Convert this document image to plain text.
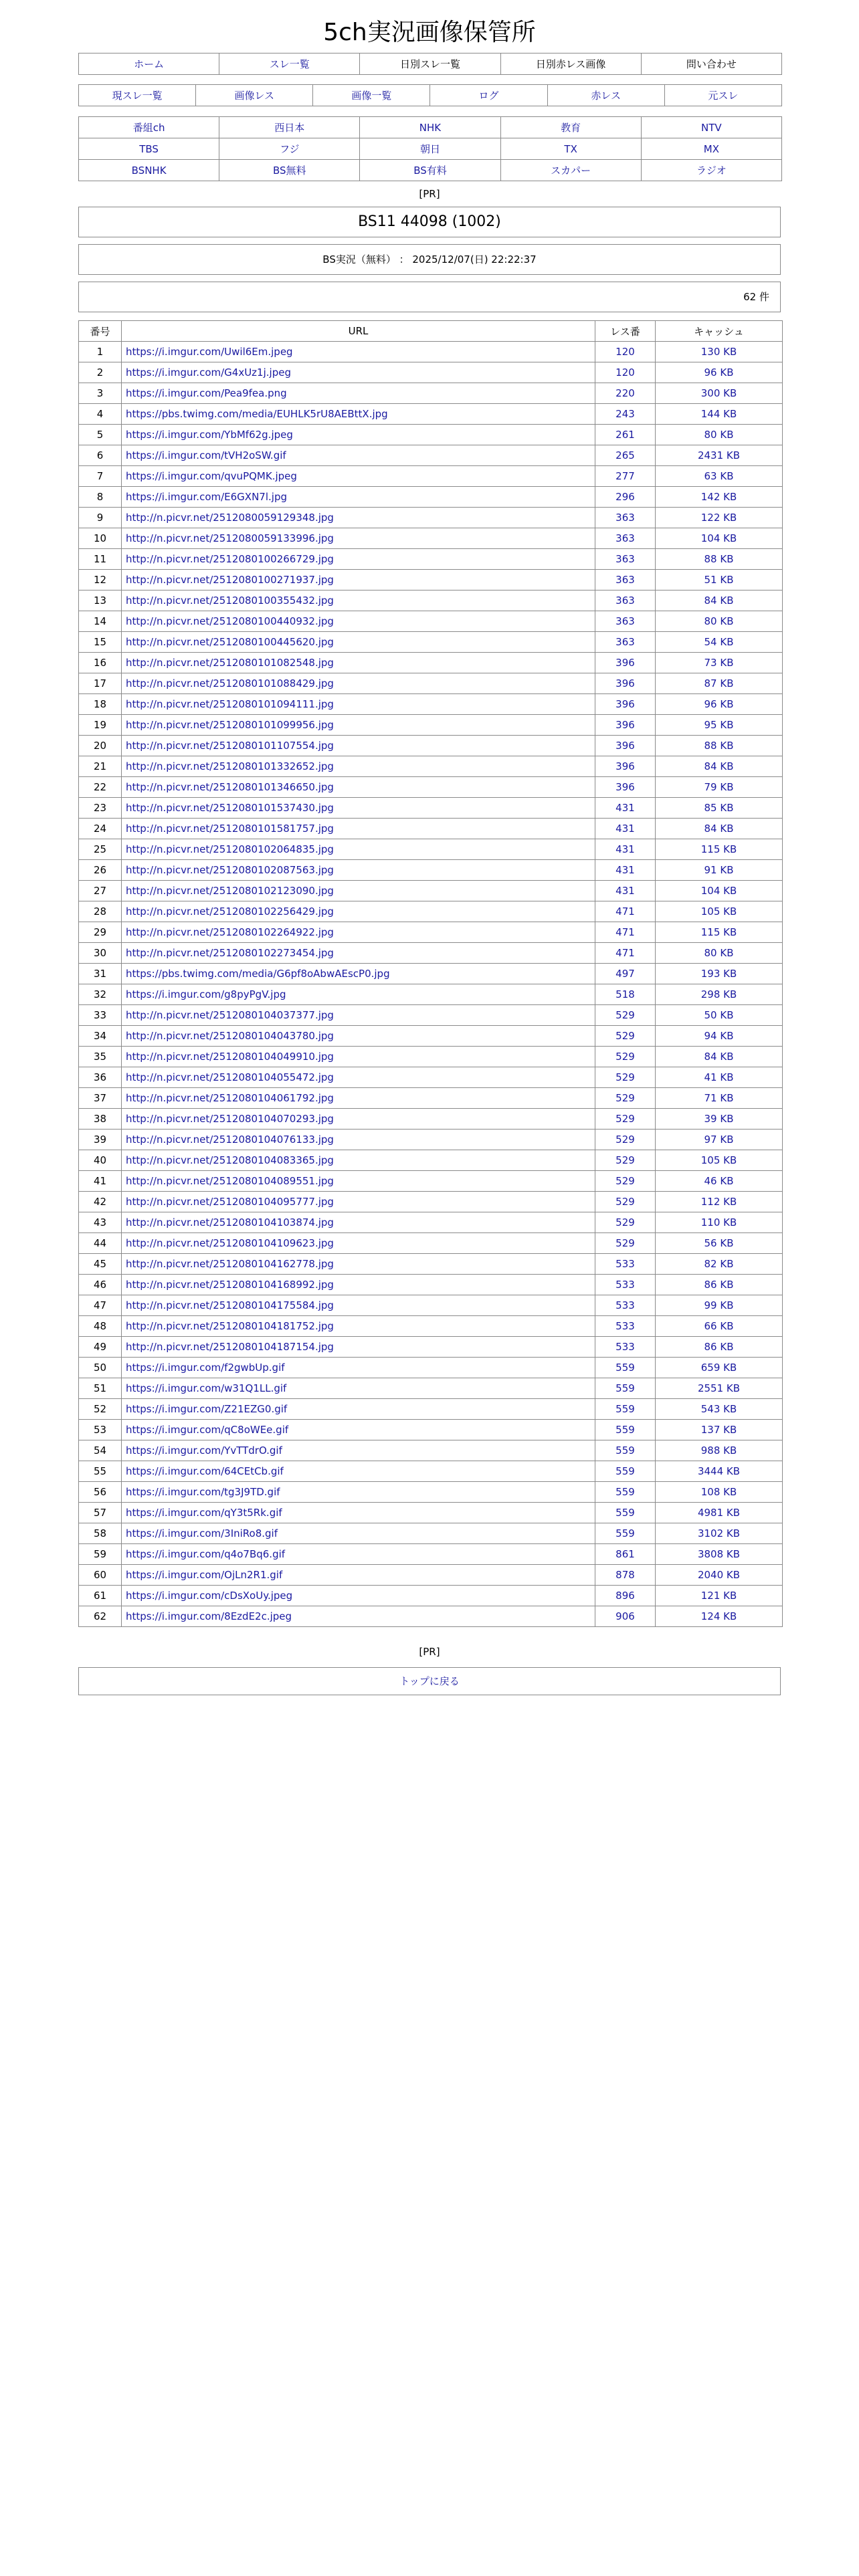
5ch実況画像保管所
ホーム	スレ一覧	日別スレ一覧	日別赤レス画像	問い合わせ
現スレ一覧	画像レス	画像一覧	ログ	赤レス	元スレ
番組ch	西日本	NHK	教育	NTV
TBS	フジ	朝日	TX	MX
BSNHK	BS無料	BS有料	スカパー	ラジオ
[PR]
BS11 44098 (1002)
BS実況（無料） ： 2025/12/07(日) 22:22:37
62 件
番号	URL	レス番	キャッシュ
1	https://i.imgur.com/Uwil6Em.jpeg	120	130 KB
2	https://i.imgur.com/G4xUz1j.jpeg	120	96 KB
3	https://i.imgur.com/Pea9fea.png	220	300 KB
4	https://pbs.twimg.com/media/EUHLK5rU8AEBttX.jpg	243	144 KB
5	https://i.imgur.com/YbMf62g.jpeg	261	80 KB
6	https://i.imgur.com/tVH2oSW.gif	265	2431 KB
7	https://i.imgur.com/qvuPQMK.jpeg	277	63 KB
8	https://i.imgur.com/E6GXN7l.jpg	296	142 KB
9	http://n.picvr.net/2512080059129348.jpg	363	122 KB
10	http://n.picvr.net/2512080059133996.jpg	363	104 KB
11	http://n.picvr.net/2512080100266729.jpg	363	88 KB
12	http://n.picvr.net/2512080100271937.jpg	363	51 KB
13	http://n.picvr.net/2512080100355432.jpg	363	84 KB
14	http://n.picvr.net/2512080100440932.jpg	363	80 KB
15	http://n.picvr.net/2512080100445620.jpg	363	54 KB
16	http://n.picvr.net/2512080101082548.jpg	396	73 KB
17	http://n.picvr.net/2512080101088429.jpg	396	87 KB
18	http://n.picvr.net/2512080101094111.jpg	396	96 KB
19	http://n.picvr.net/2512080101099956.jpg	396	95 KB
20	http://n.picvr.net/2512080101107554.jpg	396	88 KB
21	http://n.picvr.net/2512080101332652.jpg	396	84 KB
22	http://n.picvr.net/2512080101346650.jpg	396	79 KB
23	http://n.picvr.net/2512080101537430.jpg	431	85 KB
24	http://n.picvr.net/2512080101581757.jpg	431	84 KB
25	http://n.picvr.net/2512080102064835.jpg	431	115 KB
26	http://n.picvr.net/2512080102087563.jpg	431	91 KB
27	http://n.picvr.net/2512080102123090.jpg	431	104 KB
28	http://n.picvr.net/2512080102256429.jpg	471	105 KB
29	http://n.picvr.net/2512080102264922.jpg	471	115 KB
30	http://n.picvr.net/2512080102273454.jpg	471	80 KB
31	https://pbs.twimg.com/media/G6pf8oAbwAEscP0.jpg	497	193 KB
32	https://i.imgur.com/g8pyPgV.jpg	518	298 KB
33	http://n.picvr.net/2512080104037377.jpg	529	50 KB
34	http://n.picvr.net/2512080104043780.jpg	529	94 KB
35	http://n.picvr.net/2512080104049910.jpg	529	84 KB
36	http://n.picvr.net/2512080104055472.jpg	529	41 KB
37	http://n.picvr.net/2512080104061792.jpg	529	71 KB
38	http://n.picvr.net/2512080104070293.jpg	529	39 KB
39	http://n.picvr.net/2512080104076133.jpg	529	97 KB
40	http://n.picvr.net/2512080104083365.jpg	529	105 KB
41	http://n.picvr.net/2512080104089551.jpg	529	46 KB
42	http://n.picvr.net/2512080104095777.jpg	529	112 KB
43	http://n.picvr.net/2512080104103874.jpg	529	110 KB
44	http://n.picvr.net/2512080104109623.jpg	529	56 KB
45	http://n.picvr.net/2512080104162778.jpg	533	82 KB
46	http://n.picvr.net/2512080104168992.jpg	533	86 KB
47	http://n.picvr.net/2512080104175584.jpg	533	99 KB
48	http://n.picvr.net/2512080104181752.jpg	533	66 KB
49	http://n.picvr.net/2512080104187154.jpg	533	86 KB
50	https://i.imgur.com/f2gwbUp.gif	559	659 KB
51	https://i.imgur.com/w31Q1LL.gif	559	2551 KB
52	https://i.imgur.com/Z21EZG0.gif	559	543 KB
53	https://i.imgur.com/qC8oWEe.gif	559	137 KB
54	https://i.imgur.com/YvTTdrO.gif	559	988 KB
55	https://i.imgur.com/64CEtCb.gif	559	3444 KB
56	https://i.imgur.com/tg3J9TD.gif	559	108 KB
57	https://i.imgur.com/qY3t5Rk.gif	559	4981 KB
58	https://i.imgur.com/3IniRo8.gif	559	3102 KB
59	https://i.imgur.com/q4o7Bq6.gif	861	3808 KB
60	https://i.imgur.com/OjLn2R1.gif	878	2040 KB
61	https://i.imgur.com/cDsXoUy.jpeg	896	121 KB
62	https://i.imgur.com/8EzdE2c.jpeg	906	124 KB
[PR]
トップに戻る
